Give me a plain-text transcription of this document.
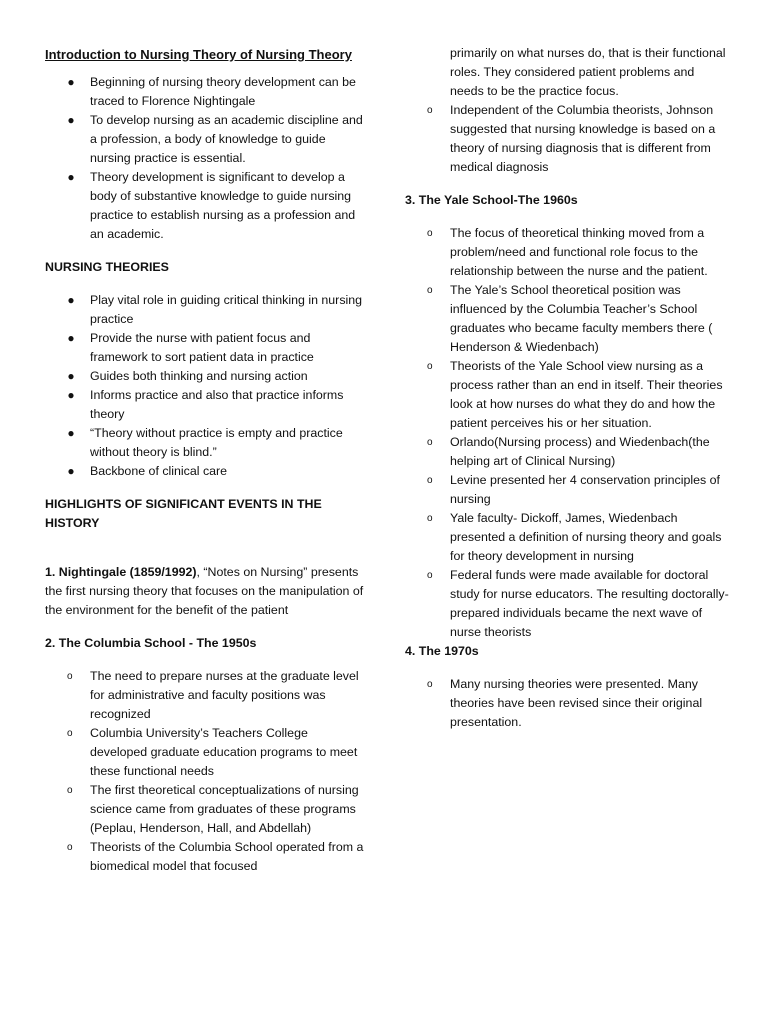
Introduction to Nursing Theory of Nursing Theory
● Beginning of nursing theory development can be traced to Florence Nightingale
● To develop nursing as an academic discipline and a profession, a body of knowledge to guide nursing practice is essential.
● Theory development is significant to develop a body of substantive knowledge to guide nursing practice to establish nursing as a profession and an academic.
NURSING THEORIES
● Play vital role in guiding critical thinking in nursing practice
● Provide the nurse with patient focus and framework to sort patient data in practice
● Guides both thinking and nursing action
● Informs practice and also that practice informs theory
● “Theory without practice is empty and practice without theory is blind.”
● Backbone of clinical care
HIGHLIGHTS OF SIGNIFICANT EVENTS IN THE HISTORY

1. Nightingale (1859/1992), “Notes on Nursing” presents the first nursing theory that focuses on the manipulation of the environment for the benefit of the patient

2. The Columbia School - The 1950s
o The need to prepare nurses at the graduate level for administrative and faculty positions was recognized
o Columbia University’s Teachers College developed graduate education programs to meet these functional needs
o The first theoretical conceptualizations of nursing science came from graduates of these programs (Peplau, Henderson, Hall, and Abdellah)
o Theorists of the Columbia School operated from a biomedical model that focused
primarily on what nurses do, that is their functional roles. They considered patient problems and needs to be the practice focus.
o Independent of the Columbia theorists, Johnson suggested that nursing knowledge is based on a theory of nursing diagnosis that is different from medical diagnosis
3. The Yale School-The 1960s
o The focus of theoretical thinking moved from a problem/need and functional role focus to the relationship between the nurse and the patient.
o The Yale’s School theoretical position was influenced by the Columbia Teacher’s School graduates who became faculty members there ( Henderson & Wiedenbach)
o Theorists of the Yale School view nursing as a process rather than an end in itself. Their theories look at how nurses do what they do and how the patient perceives his or her situation.
o Orlando(Nursing process) and Wiedenbach(the helping art of Clinical Nursing)
o Levine presented her 4 conservation principles of nursing
o Yale faculty- Dickoff, James, Wiedenbach presented a definition of nursing theory and goals for theory development in nursing
o Federal funds were made available for doctoral study for nurse educators. The resulting doctorally-prepared individuals became the next wave of nurse theorists
4. The 1970s
o Many nursing theories were presented. Many theories have been revised since their original presentation.
